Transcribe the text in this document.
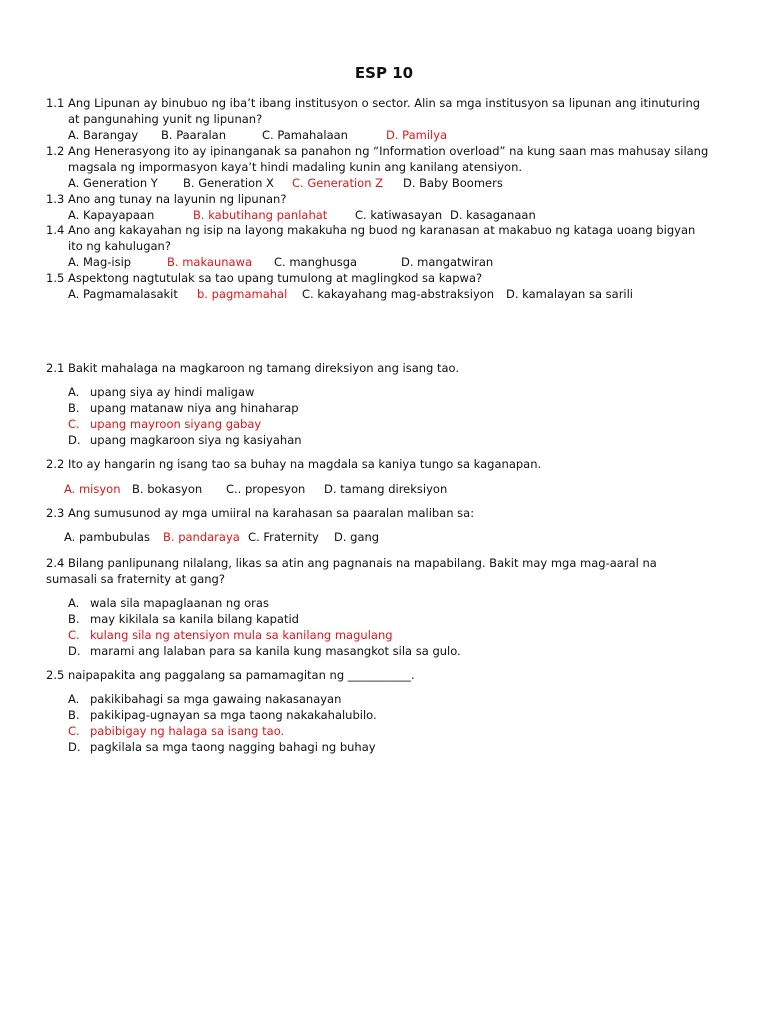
ESP 10
1.1 Ang Lipunan ay binubuo ng iba’t ibang institusyon o sector. Alin sa mga institusyon sa lipunan ang itinuturing at pangunahing yunit ng lipunan?
A. Barangay B. Paaralan	C. Pamahalaan	D. Pamilya
1.2 Ang Henerasyong ito ay ipinanganak sa panahon ng “Information overload” na kung saan mas mahusay silang magsala ng impormasyon kaya’t hindi madaling kunin ang kanilang atensiyon.
A. Generation Y B. Generation X C. Generation Z D. Baby Boomers
1.3 Ano ang tunay na layunin ng lipunan?
A. Kapayapaan	B. kabutihang panlahat C. katiwasayan D. kasaganaan
1.4 Ano ang kakayahan ng isip na layong makakuha ng buod ng karanasan at makabuo ng kataga uoang bigyan ito ng kahulugan?
A. Mag-isip	B. makaunawa C. manghusga	D. mangatwiran
1.5 Aspektong nagtutulak sa tao upang tumulong at maglingkod sa kapwa?
A. Pagmamalasakit b. pagmamahal C. kakayahang mag-abstraksiyon D. kamalayan sa sarili
2.1 Bakit mahalaga na magkaroon ng tamang direksiyon ang isang tao.
A. upang siya ay hindi maligaw
B. upang matanaw niya ang hinaharap
C. upang mayroon siyang gabay
D. upang magkaroon siya ng kasiyahan
2.2 Ito ay hangarin ng isang tao sa buhay na magdala sa kaniya tungo sa kaganapan.
A. misyon B. bokasyon C.. propesyon D. tamang direksiyon
2.3 Ang sumusunod ay mga umiiral na karahasan sa paaralan maliban sa:
A. pambubulas B. pandaraya C. Fraternity D. gang
2.4 Bilang panlipunang nilalang, likas sa atin ang pagnanais na mapabilang. Bakit may mga mag-aaral na sumasali sa fraternity at gang?
A. wala sila mapaglaanan ng oras
B. may kikilala sa kanila bilang kapatid
C. kulang sila ng atensiyon mula sa kanilang magulang
D. marami ang lalaban para sa kanila kung masangkot sila sa gulo.
2.5 naipapakita ang paggalang sa pamamagitan ng ___________.
A. pakikibahagi sa mga gawaing nakasanayan
B. pakikipag-ugnayan sa mga taong nakakahalubilo.
C. pabibigay ng halaga sa isang tao.
D. pagkilala sa mga taong nagging bahagi ng buhay
